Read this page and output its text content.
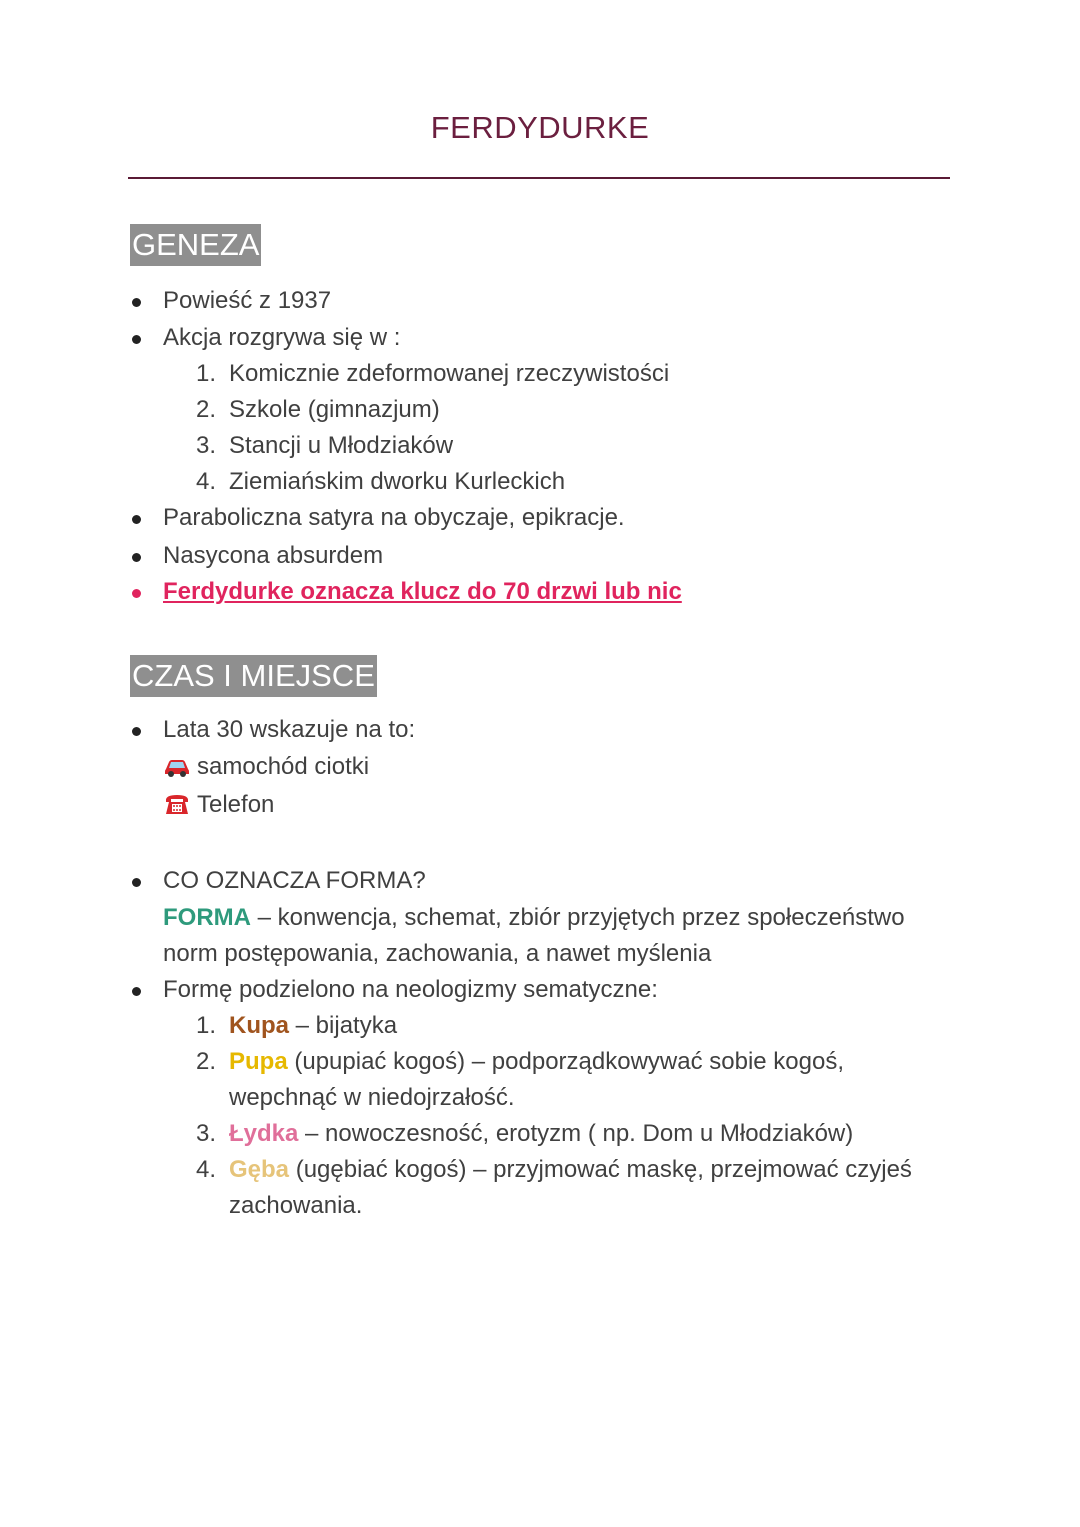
FERDYDURKE
GENEZA
Powieść z 1937
Akcja rozgrywa się w :
1. Komicznie zdeformowanej rzeczywistości
2. Szkole (gimnazjum)
3. Stancji u Młodziaków
4. Ziemiańskim dworku Kurleckich
Paraboliczna satyra na obyczaje, epikracje.
Nasycona absurdem
Ferdydurke oznacza klucz do 70 drzwi lub nic
CZAS I MIEJSCE
Lata 30 wskazuje na to:
samochód ciotki
Telefon
CO OZNACZA FORMA?
FORMA – konwencja, schemat, zbiór przyjętych przez społeczeństwo
norm postępowania, zachowania, a nawet myślenia
Formę podzielono na neologizmy sematyczne:
1. Kupa – bijatyka
2. Pupa (upupiać kogoś) – podporządkowywać sobie kogoś,
wepchnąć w niedojrzałość.
3. Łydka – nowoczesność, erotyzm ( np. Dom u Młodziaków)
4. Gęba (ugębiać kogoś) – przyjmować maskę, przejmować czyjeś
zachowania.
